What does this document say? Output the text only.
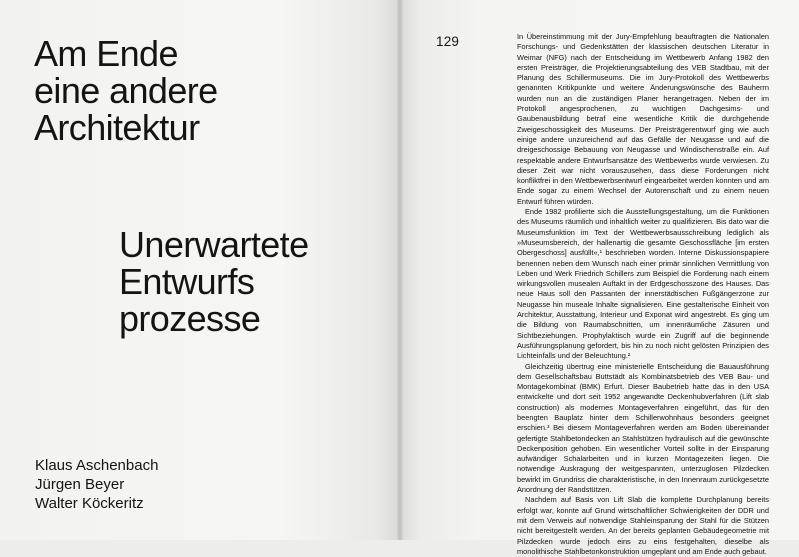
Am Ende
eine andere
Architektur
Unerwartete
Entwurfs
prozesse
Klaus Aschenbach
Jürgen Beyer
Walter Köckeritz
129	In Übereinstimmung mit der Jury-Empfehlung beauftragten die Nationalen Forschungs- und Gedenkstätten der klassischen deutschen Literatur in Weimar (NFG) nach der Entscheidung im Wettbewerb Anfang 1982 den ersten Preisträger, die Projektierungsabteilung des VEB Stadtbau, mit der Planung des Schillermuseums. Die im Jury-Protokoll des Wettbewerbs genannten Kritikpunkte und weitere Änderungswünsche des Bauherrn wurden nun an die zuständigen Planer herangetragen. Neben der im Protokoll angesprochenen, zu wuchtigen Dachgesims- und Gaubenausbildung betraf eine wesentliche Kritik die durchgehende Zweigeschossigkeit des Museums. Der Preisträgerentwurf ging wie auch einige andere unzureichend auf das Gefälle der Neugasse und auf die dreigeschossige Bebauung von Neugasse und Windischenstraße ein. Auf respektable andere Entwurfsansätze des Wettbewerbs wurde verwiesen. Zu dieser Zeit war nicht vorauszusehen, dass diese Forderungen nicht konfliktfrei in den Wettbewerbsentwurf eingearbeitet werden konnten und am Ende sogar zu einem Wechsel der Autorenschaft und zu einem neuen Entwurf führen würden.

Ende 1982 profilierte sich die Ausstellungsgestaltung, um die Funktionen des Museums räumlich und inhaltlich weiter zu qualifizieren. Bis dato war die Museumsfunktion im Text der Wettbewerbsausschreibung lediglich als »Museumsbereich, der hallenartig die gesamte Geschossfläche [im ersten Obergeschoss] ausfüllt«,¹ beschrieben worden. Interne Diskussionspapiere benennen neben dem Wunsch nach einer primär sinnlichen Vermittlung von Leben und Werk Friedrich Schillers zum Beispiel die Forderung nach einem wirkungsvollen musealen Auftakt in der Erdgeschosszone des Hauses. Das neue Haus soll den Passanten der innerstädtischen Fußgängerzone zur Neugasse hin museale Inhalte signalisieren. Eine gestalterische Einheit von Architektur, Ausstattung, Interieur und Exponat wird angestrebt. Es ging um die Bildung von Raumabschnitten, um innenräumliche Zäsuren und Sichtbeziehungen. Prophylaktisch wurde ein Zugriff auf die beginnende Ausführungsplanung gefordert, bis hin zu noch nicht gelösten Prinzipien des Lichteinfalls und der Beleuchtung.²

Gleichzeitig übertrug eine ministerielle Entscheidung die Bauausführung dem Gesellschaftsbau Buttstädt als Kombinatsbetrieb des VEB Bau- und Montagekombinat (BMK) Erfurt. Dieser Baubetrieb hatte das in den USA entwickelte und dort seit 1952 angewandte Deckenhubverfahren (Lift slab construction) als modernes Montageverfahren eingeführt, das für den beengten Bauplatz hinter dem Schillerwohnhaus besonders geeignet erschien.³ Bei diesem Montageverfahren werden am Boden übereinander gefertigte Stahlbetondecken an Stahlstützen hydraulisch auf die gewünschte Deckenposition gehoben. Ein wesentlicher Vorteil sollte in der Einsparung aufwändiger Schalarbeiten und in kurzen Montagezeiten liegen. Die notwendige Auskragung der weitgespannten, unterzuglosen Pilzdecken bewirkt im Grundriss die charakteristische, in den Innenraum zurückgesetzte Anordnung der Randstützen.

Nachdem auf Basis von Lift Slab die komplette Durchplanung bereits erfolgt war, konnte auf Grund wirtschaftlicher Schwierigkeiten der DDR und mit dem Verweis auf notwendige Stahleinsparung der Stahl für die Stützen nicht bereitgestellt werden. An der bereits geplanten Gebäudegeometrie mit Pilzdecken wurde jedoch eins zu eins festgehalten, dieselbe als monolithische Stahlbetonkonstruktion umgeplant und am Ende auch gebaut.
